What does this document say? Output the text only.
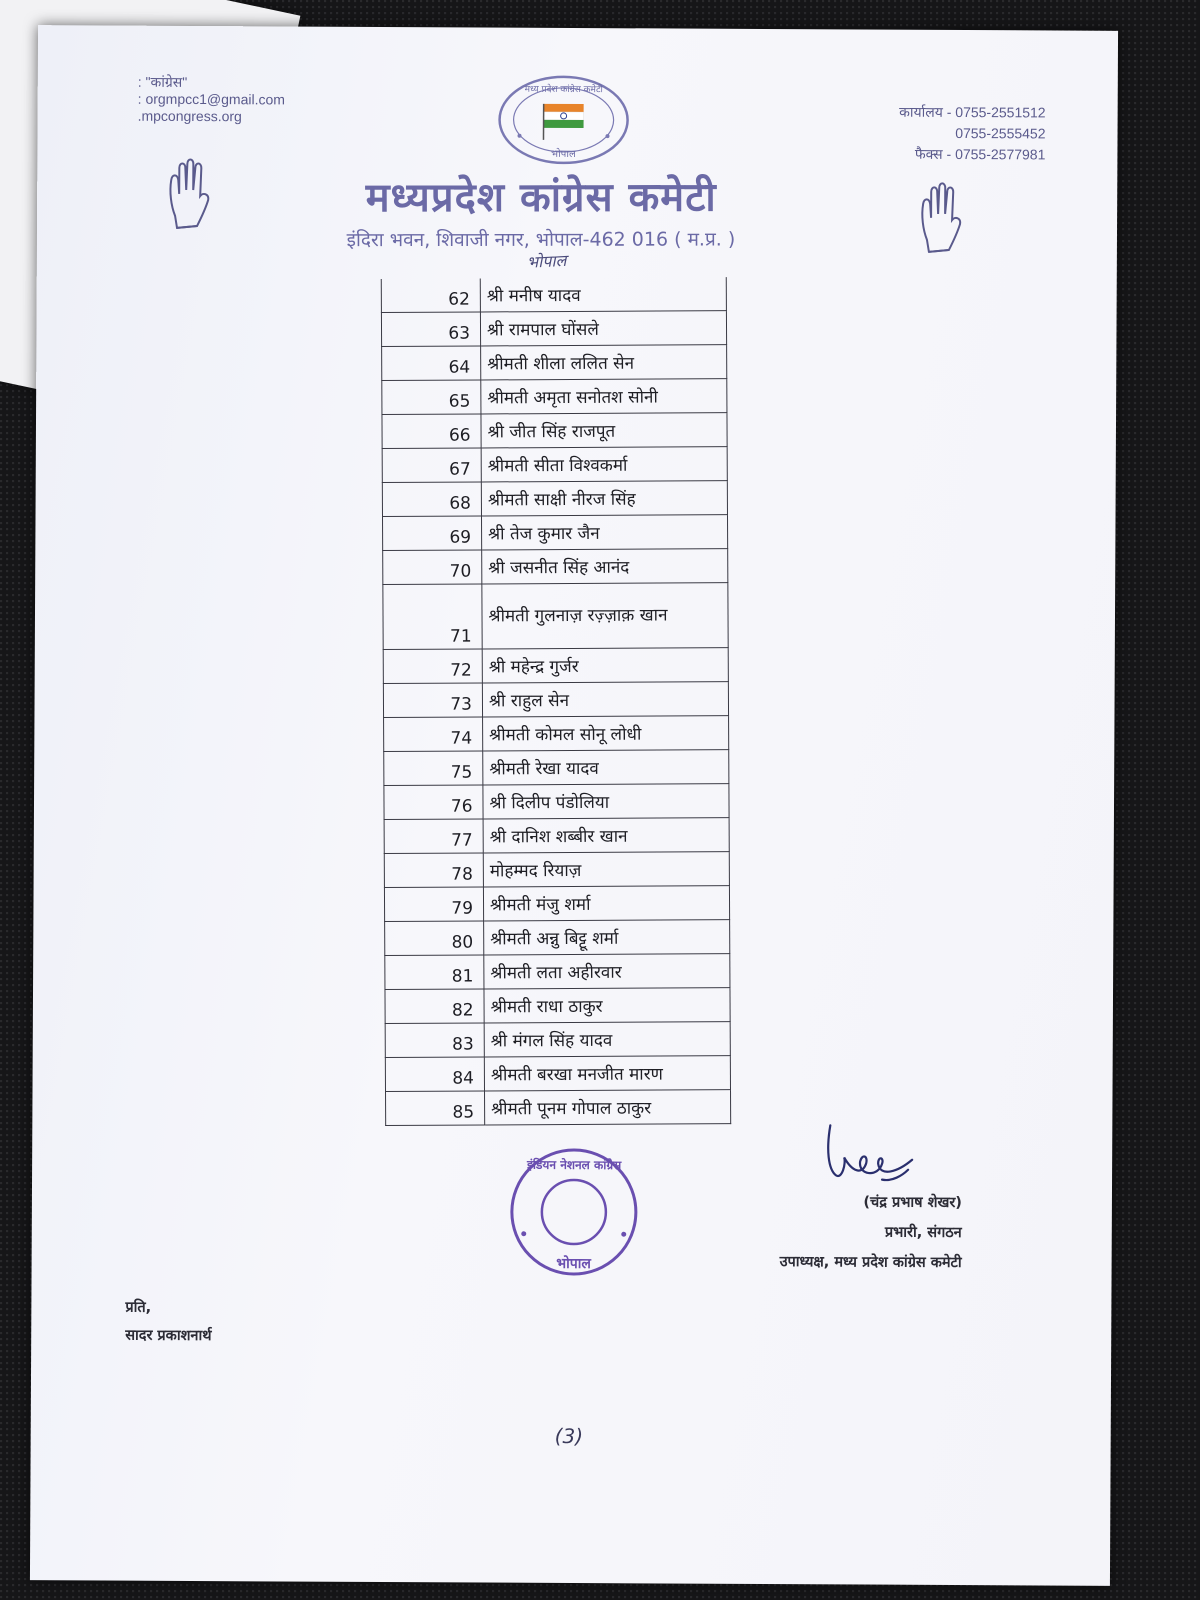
: "कांग्रेस"
: orgmpcc1@gmail.com
.mpcongress.org
मध्य प्रदेश कांग्रेस कमेटी
भोपाल
कार्यालय - 0755-2551512
0755-2555452
फैक्स - 0755-2577981
मध्यप्रदेश कांग्रेस कमेटी
इंदिरा भवन, शिवाजी नगर, भोपाल-462 016 ( म.प्र. )
भोपाल
62	श्री मनीष यादव
63	श्री रामपाल घोंसले
64	श्रीमती शीला ललित सेन
65	श्रीमती अमृता सनोतश सोनी
66	श्री जीत सिंह राजपूत
67	श्रीमती सीता विश्वकर्मा
68	श्रीमती साक्षी नीरज सिंह
69	श्री तेज कुमार जैन
70	श्री जसनीत सिंह आनंद
71	श्रीमती गुलनाज़ रज़्ज़ाक़ खान
72	श्री महेन्द्र गुर्जर
73	श्री राहुल सेन
74	श्रीमती कोमल सोनू लोधी
75	श्रीमती रेखा यादव
76	श्री दिलीप पंडोलिया
77	श्री दानिश शब्बीर खान
78	मोहम्मद रियाज़
79	श्रीमती मंजु शर्मा
80	श्रीमती अन्नु बिट्टू शर्मा
81	श्रीमती लता अहीरवार
82	श्रीमती राधा ठाकुर
83	श्री मंगल सिंह यादव
84	श्रीमती बरखा मनजीत मारण
85	श्रीमती पूनम गोपाल ठाकुर
इंडियन नेशनल कांग्रेस
भोपाल
(चंद्र प्रभाष शेखर)
प्रभारी, संगठन
उपाध्यक्ष, मध्य प्रदेश कांग्रेस कमेटी
प्रति,
सादर प्रकाशनार्थ
(3)
